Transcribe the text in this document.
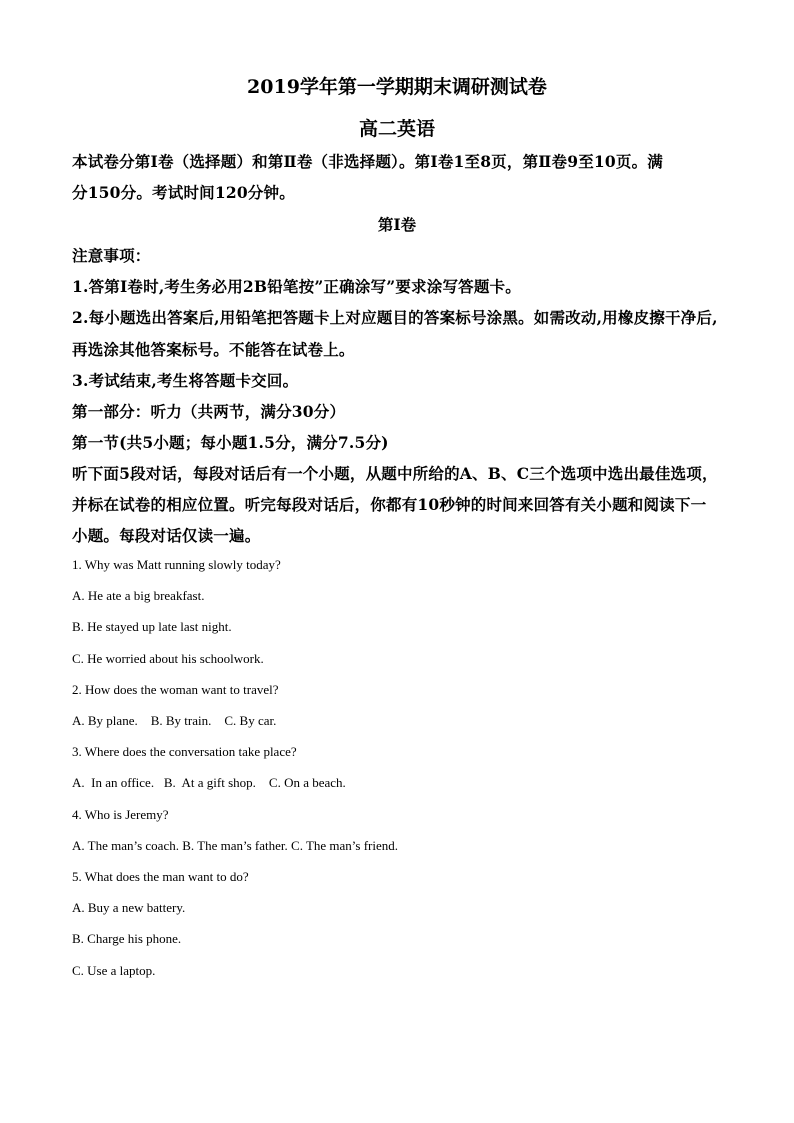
2019学年第一学期期末调研测试卷
高二英语
本试卷分第Ⅰ卷（选择题）和第Ⅱ卷（非选择题）。第Ⅰ卷1至8页，第Ⅱ卷9至10页。满
分150分。考试时间120分钟。
第Ⅰ卷
注意事项：
1.答第Ⅰ卷时,考生务必用2B铅笔按”正确涂写”要求涂写答题卡。
2.每小题选出答案后,用铅笔把答题卡上对应题目的答案标号涂黑。如需改动,用橡皮擦干净后,
再选涂其他答案标号。不能答在试卷上。
3.考试结束,考生将答题卡交回。
第一部分：听力（共两节，满分30分）
第一节(共5小题；每小题1.5分，满分7.5分)
听下面5段对话，每段对话后有一个小题，从题中所给的A、B、C三个选项中选出最佳选项，
并标在试卷的相应位置。听完每段对话后，你都有10秒钟的时间来回答有关小题和阅读下一
小题。每段对话仅读一遍。
1. Why was Matt running slowly today?
A. He ate a big breakfast.
B. He stayed up late last night.
C. He worried about his schoolwork.
2. How does the woman want to travel?
A. By plane.    B. By train.    C. By car.
3. Where does the conversation take place?
A.  In an office.   B.  At a gift shop.    C. On a beach.
4. Who is Jeremy?
A. The man’s coach. B. The man’s father. C. The man’s friend.
5. What does the man want to do?
A. Buy a new battery.
B. Charge his phone.
C. Use a laptop.
